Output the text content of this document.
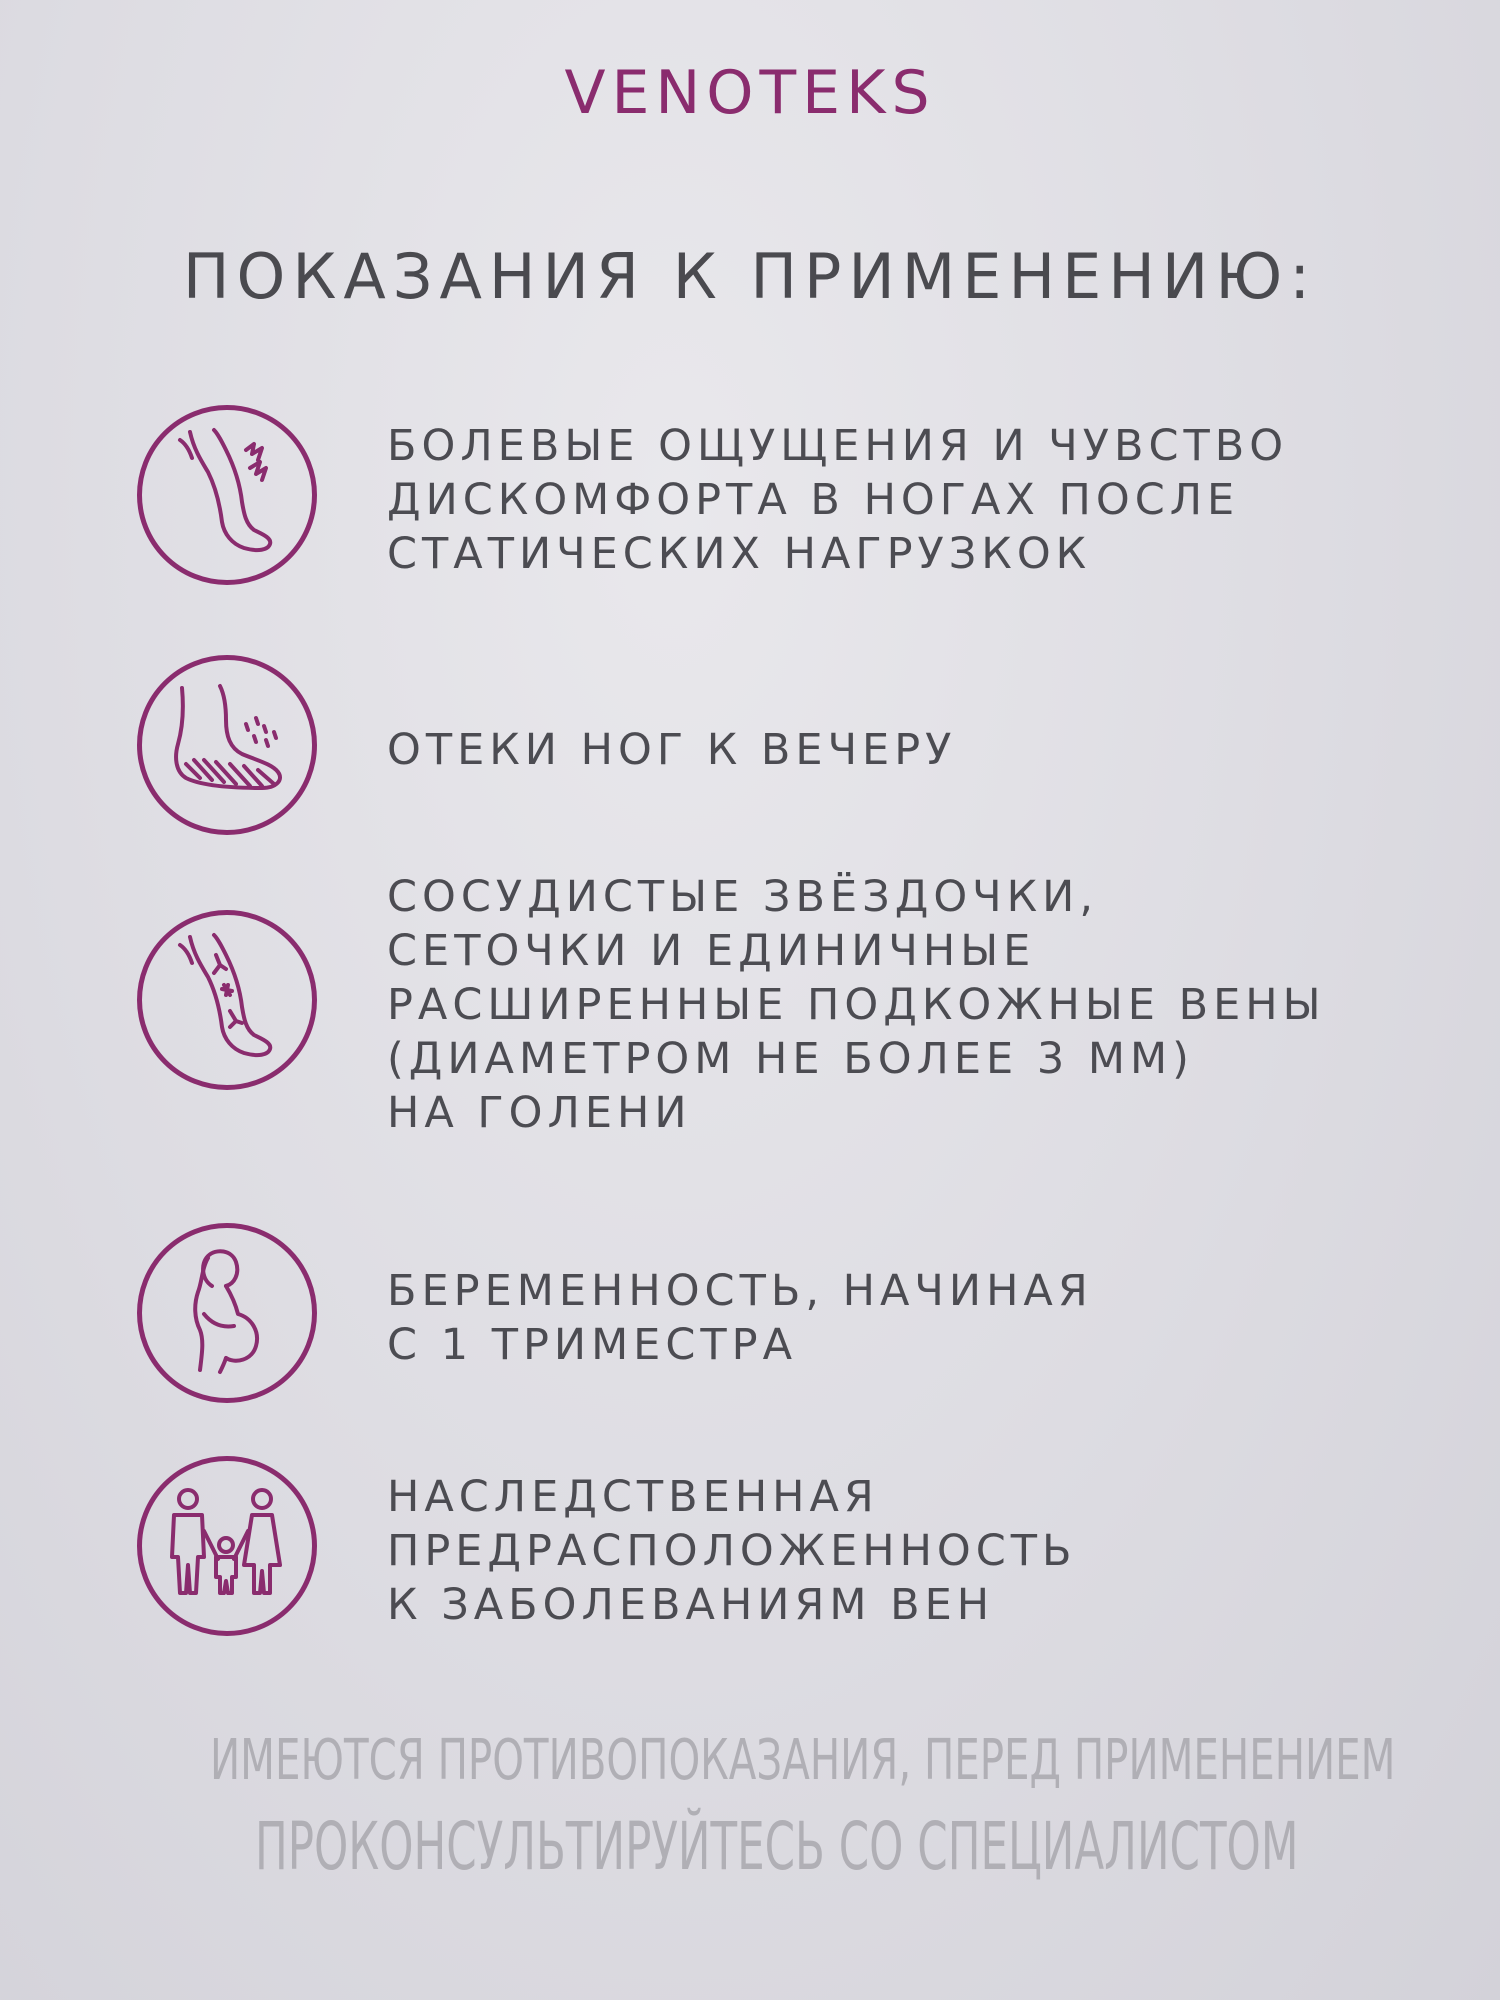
VENOTEKS
ПОКАЗАНИЯ К ПРИМЕНЕНИЮ:
БОЛЕВЫЕ ОЩУЩЕНИЯ И ЧУВСТВО
ДИСКОМФОРТА В НОГАХ ПОСЛЕ
СТАТИЧЕСКИХ НАГРУЗКОК
ОТЕКИ НОГ К ВЕЧЕРУ
СОСУДИСТЫЕ ЗВЁЗДОЧКИ,
СЕТОЧКИ И ЕДИНИЧНЫЕ
РАСШИРЕННЫЕ ПОДКОЖНЫЕ ВЕНЫ
(ДИАМЕТРОМ НЕ БОЛЕЕ 3 ММ)
НА ГОЛЕНИ
БЕРЕМЕННОСТЬ, НАЧИНАЯ
С 1 ТРИМЕСТРА
НАСЛЕДСТВЕННАЯ
ПРЕДРАСПОЛОЖЕННОСТЬ
К ЗАБОЛЕВАНИЯМ ВЕН
ИМЕЮТСЯ ПРОТИВОПОКАЗАНИЯ, ПЕРЕД ПРИМЕНЕНИЕМ
ПРОКОНСУЛЬТИРУЙТЕСЬ СО СПЕЦИАЛИСТОМ
